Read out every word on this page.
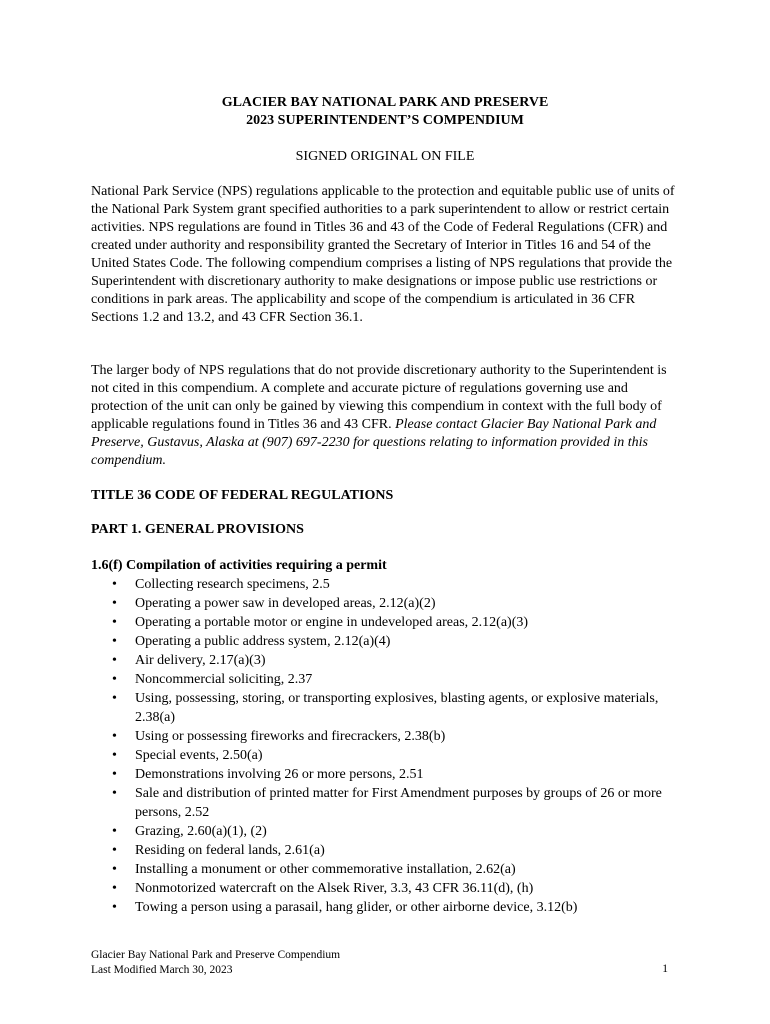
GLACIER BAY NATIONAL PARK AND PRESERVE
2023 SUPERINTENDENT’S COMPENDIUM
SIGNED ORIGINAL ON FILE
National Park Service (NPS) regulations applicable to the protection and equitable public use of units of the National Park System grant specified authorities to a park superintendent to allow or restrict certain activities. NPS regulations are found in Titles 36 and 43 of the Code of Federal Regulations (CFR) and created under authority and responsibility granted the Secretary of Interior in Titles 16 and 54 of the United States Code. The following compendium comprises a listing of NPS regulations that provide the Superintendent with discretionary authority to make designations or impose public use restrictions or conditions in park areas. The applicability and scope of the compendium is articulated in 36 CFR Sections 1.2 and 13.2, and 43 CFR Section 36.1.
The larger body of NPS regulations that do not provide discretionary authority to the Superintendent is not cited in this compendium. A complete and accurate picture of regulations governing use and protection of the unit can only be gained by viewing this compendium in context with the full body of applicable regulations found in Titles 36 and 43 CFR. Please contact Glacier Bay National Park and Preserve, Gustavus, Alaska at (907) 697-2230 for questions relating to information provided in this compendium.
TITLE 36 CODE OF FEDERAL REGULATIONS
PART 1. GENERAL PROVISIONS
1.6(f) Compilation of activities requiring a permit
• Collecting research specimens, 2.5
• Operating a power saw in developed areas, 2.12(a)(2)
• Operating a portable motor or engine in undeveloped areas, 2.12(a)(3)
• Operating a public address system, 2.12(a)(4)
• Air delivery, 2.17(a)(3)
• Noncommercial soliciting, 2.37
• Using, possessing, storing, or transporting explosives, blasting agents, or explosive materials, 2.38(a)
• Using or possessing fireworks and firecrackers, 2.38(b)
• Special events, 2.50(a)
• Demonstrations involving 26 or more persons, 2.51
• Sale and distribution of printed matter for First Amendment purposes by groups of 26 or more persons, 2.52
• Grazing, 2.60(a)(1), (2)
• Residing on federal lands, 2.61(a)
• Installing a monument or other commemorative installation, 2.62(a)
• Nonmotorized watercraft on the Alsek River, 3.3, 43 CFR 36.11(d), (h)
• Towing a person using a parasail, hang glider, or other airborne device, 3.12(b)
Glacier Bay National Park and Preserve Compendium
Last Modified March 30, 2023	1
